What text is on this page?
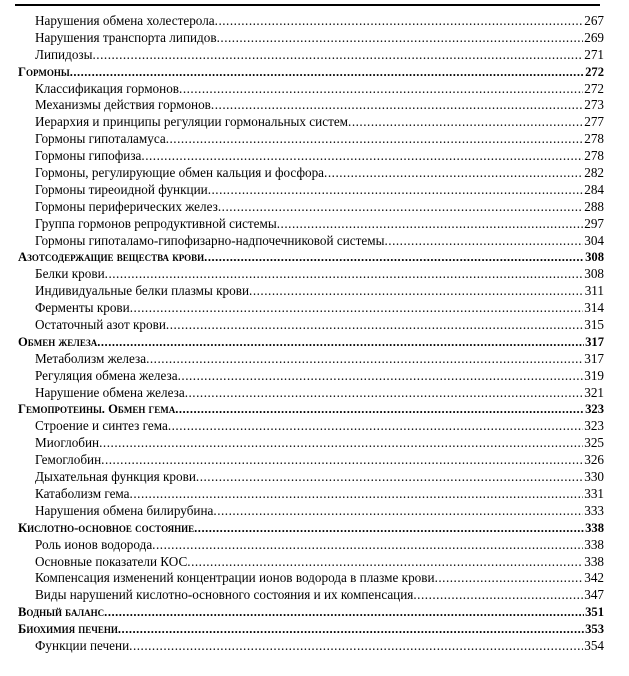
Нарушения обмена холестерола .....	267
Нарушения транспорта липидов .....	269
Липидозы .....	271
Гормоны .....	272
Классификация гормонов .....	272
Механизмы действия гормонов .....	273
Иерархия и принципы регуляции гормональных систем .....	277
Гормоны гипоталамуса .....	278
Гормоны гипофиза .....	278
Гормоны, регулирующие обмен кальция и фосфора .....	282
Гормоны тиреоидной функции .....	284
Гормоны периферических желез .....	288
Группа гормонов репродуктивной системы .....	297
Гормоны гипоталамо-гипофизарно-надпочечниковой системы .....	304
Азотсодержащие вещества крови .....	308
Белки крови .....	308
Индивидуальные белки плазмы крови .....	311
Ферменты крови .....	314
Остаточный азот крови .....	315
Обмен железа .....	317
Метаболизм железа .....	317
Регуляция обмена железа .....	319
Нарушение обмена железа .....	321
Гемопротеины. Обмен гема .....	323
Строение и синтез гема .....	323
Миоглобин .....	325
Гемоглобин .....	326
Дыхательная функция крови .....	330
Катаболизм гема .....	331
Нарушения обмена билирубина .....	333
Кислотно-основное состояние .....	338
Роль ионов водорода .....	338
Основные показатели КОС .....	338
Компенсация изменений концентрации ионов водорода в плазме крови .....	342
Виды нарушений кислотно-основного состояния и их компенсация .....	347
Водный баланс .....	351
Биохимия печени .....	353
Функции печени .....	354
